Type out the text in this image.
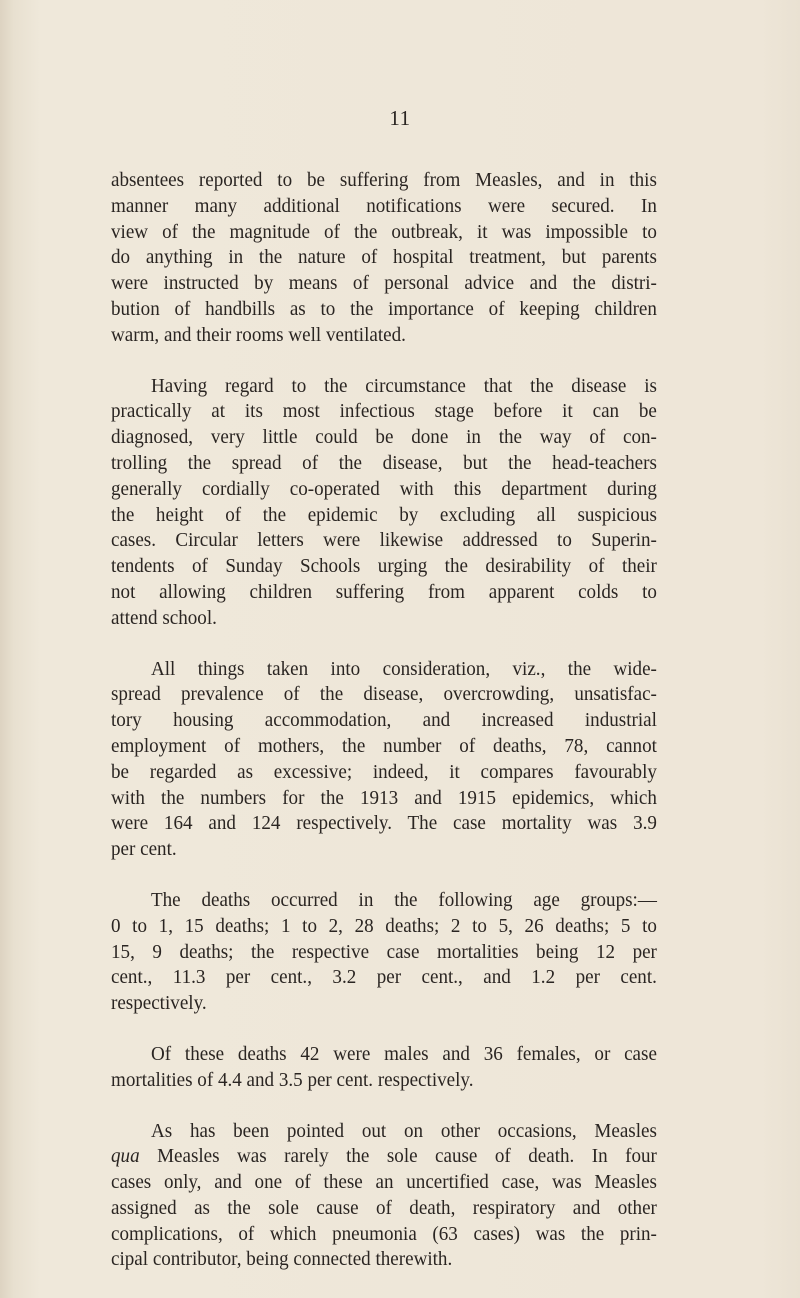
11

absentees reported to be suffering from Measles, and in this
manner many additional notifications were secured. In
view of the magnitude of the outbreak, it was impossible to
do anything in the nature of hospital treatment, but parents
were instructed by means of personal advice and the distri-
bution of handbills as to the importance of keeping children
warm, and their rooms well ventilated.

Having regard to the circumstance that the disease is
practically at its most infectious stage before it can be
diagnosed, very little could be done in the way of con-
trolling the spread of the disease, but the head-teachers
generally cordially co-operated with this department during
the height of the epidemic by excluding all suspicious
cases. Circular letters were likewise addressed to Superin-
tendents of Sunday Schools urging the desirability of their
not allowing children suffering from apparent colds to
attend school.

All things taken into consideration, viz., the wide-
spread prevalence of the disease, overcrowding, unsatisfac-
tory housing accommodation, and increased industrial
employment of mothers, the number of deaths, 78, cannot
be regarded as excessive; indeed, it compares favourably
with the numbers for the 1913 and 1915 epidemics, which
were 164 and 124 respectively. The case mortality was 3.9
per cent.

The deaths occurred in the following age groups:—
0 to 1, 15 deaths; 1 to 2, 28 deaths; 2 to 5, 26 deaths; 5 to
15, 9 deaths; the respective case mortalities being 12 per
cent., 11.3 per cent., 3.2 per cent., and 1.2 per cent.
respectively.

Of these deaths 42 were males and 36 females, or case
mortalities of 4.4 and 3.5 per cent. respectively.

As has been pointed out on other occasions, Measles
qua Measles was rarely the sole cause of death. In four
cases only, and one of these an uncertified case, was Measles
assigned as the sole cause of death, respiratory and other
complications, of which pneumonia (63 cases) was the prin-
cipal contributor, being connected therewith.
